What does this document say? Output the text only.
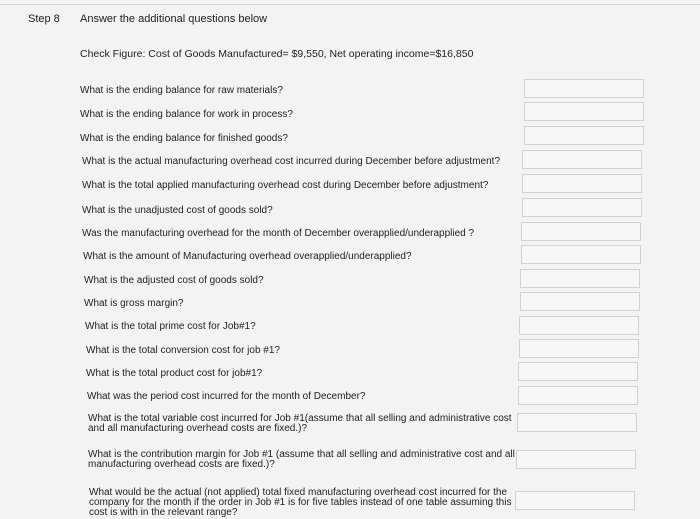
Step 8 Answer the additional questions below
Check Figure: Cost of Goods Manufactured= $9,550, Net operating income=$16,850
What is the ending balance for raw materials?
What is the ending balance for work in process?
What is the ending balance for finished goods?
What is the actual manufacturing overhead cost incurred during December before adjustment?
What is the total applied manufacturing overhead cost during December before adjustment?
What is the unadjusted cost of goods sold?
Was the manufacturing overhead for the month of December overapplied/underapplied ?
What is the amount of Manufacturing overhead overapplied/underapplied?
What is the adjusted cost of goods sold?
What is gross margin?
What is the total prime cost for Job#1?
What is the total conversion cost for job #1?
What is the total product cost for job#1?
What was the period cost incurred for the month of December?
What is the total variable cost incurred for Job #1(assume that all selling and administrative cost and all manufacturing overhead costs are fixed.)?
What is the contribution margin for Job #1 (assume that all selling and administrative cost and all manufacturing overhead costs are fixed.)?
What would be the actual (not applied) total fixed manufacturing overhead cost incurred for the company for the month if the order in Job #1 is for five tables instead of one table assuming this cost is with in the relevant range?
